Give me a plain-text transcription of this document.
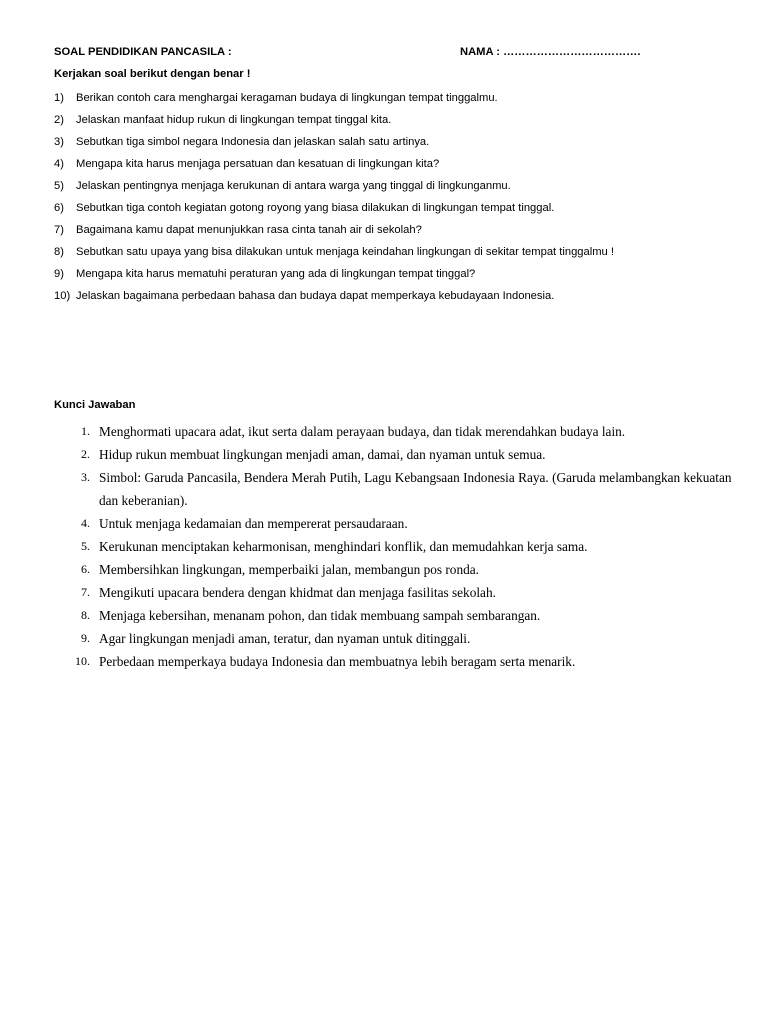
SOAL PENDIDIKAN PANCASILA :	NAMA : ……………………………….
Kerjakan soal berikut dengan benar !
1) Berikan contoh cara menghargai keragaman budaya di lingkungan tempat tinggalmu.
2) Jelaskan manfaat hidup rukun di lingkungan tempat tinggal kita.
3) Sebutkan tiga simbol negara Indonesia dan jelaskan salah satu artinya.
4) Mengapa kita harus menjaga persatuan dan kesatuan di lingkungan kita?
5) Jelaskan pentingnya menjaga kerukunan di antara warga yang tinggal di lingkunganmu.
6) Sebutkan tiga contoh kegiatan gotong royong yang biasa dilakukan di lingkungan tempat tinggal.
7) Bagaimana kamu dapat menunjukkan rasa cinta tanah air di sekolah?
8) Sebutkan satu upaya yang bisa dilakukan untuk menjaga keindahan lingkungan di sekitar tempat tinggalmu !
9) Mengapa kita harus mematuhi peraturan yang ada di lingkungan tempat tinggal?
10) Jelaskan bagaimana perbedaan bahasa dan budaya dapat memperkaya kebudayaan Indonesia.
Kunci Jawaban
1. Menghormati upacara adat, ikut serta dalam perayaan budaya, dan tidak merendahkan budaya lain.
2. Hidup rukun membuat lingkungan menjadi aman, damai, dan nyaman untuk semua.
3. Simbol: Garuda Pancasila, Bendera Merah Putih, Lagu Kebangsaan Indonesia Raya. (Garuda melambangkan kekuatan dan keberanian).
4. Untuk menjaga kedamaian dan mempererat persaudaraan.
5. Kerukunan menciptakan keharmonisan, menghindari konflik, dan memudahkan kerja sama.
6. Membersihkan lingkungan, memperbaiki jalan, membangun pos ronda.
7. Mengikuti upacara bendera dengan khidmat dan menjaga fasilitas sekolah.
8. Menjaga kebersihan, menanam pohon, dan tidak membuang sampah sembarangan.
9. Agar lingkungan menjadi aman, teratur, dan nyaman untuk ditinggali.
10. Perbedaan memperkaya budaya Indonesia dan membuatnya lebih beragam serta menarik.
